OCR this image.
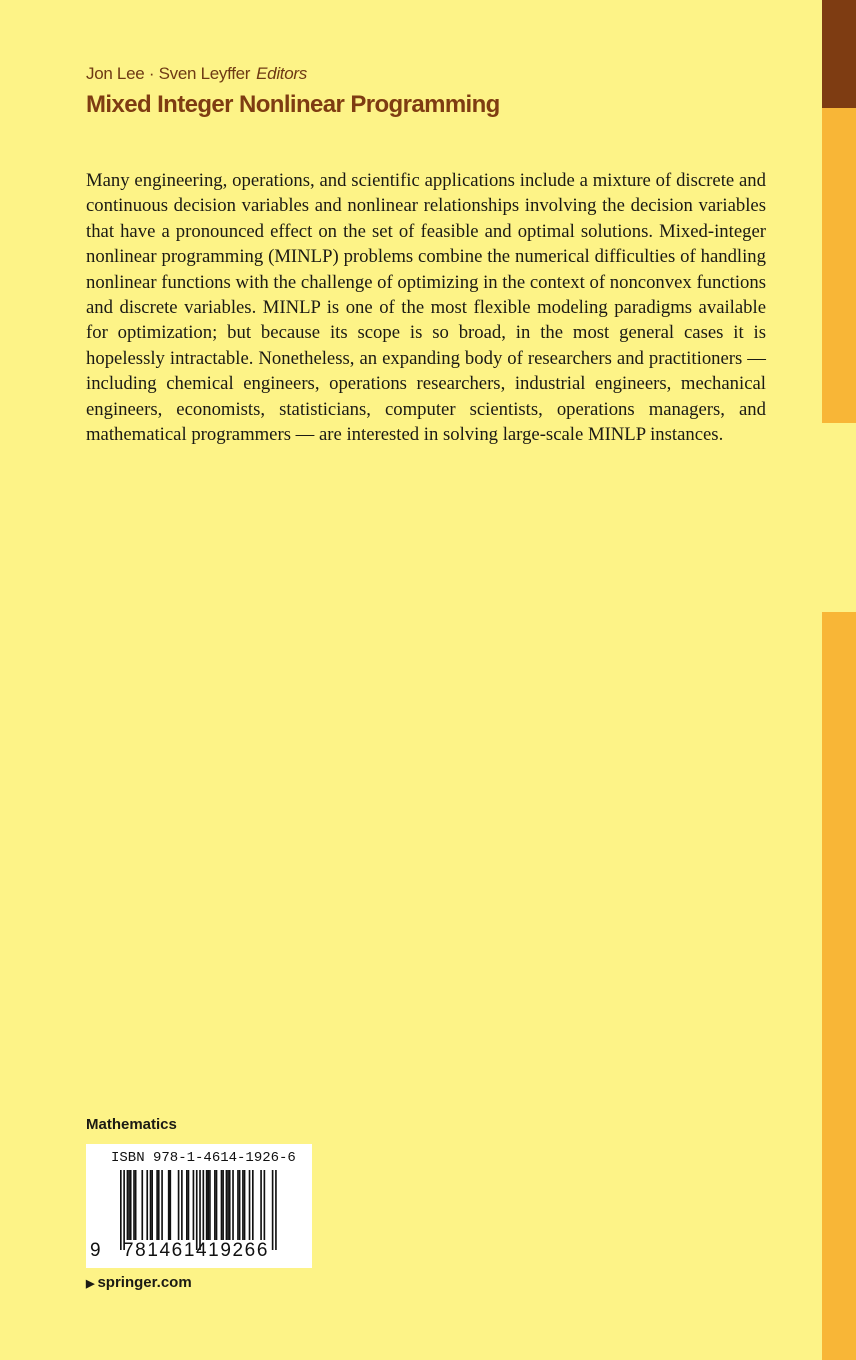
Jon Lee · Sven Leyffer Editors
Mixed Integer Nonlinear Programming

Many engineering, operations, and scientific applications include a mixture of discrete and continuous decision variables and nonlinear relationships involving the decision variables that have a pronounced effect on the set of feasible and optimal solutions. Mixed-integer nonlinear programming (MINLP) problems combine the numerical difficulties of handling nonlinear functions with the challenge of optimizing in the context of nonconvex functions and discrete variables. MINLP is one of the most flexible modeling paradigms available for optimization; but because its scope is so broad, in the most general cases it is hopelessly intractable. Nonetheless, an expanding body of researchers and practitioners — including chemical engineers, operations researchers, industrial engineers, mechanical engineers, economists, statisticians, computer scientists, operations managers, and mathematical programmers — are interested in solving large-scale MINLP instances.

Mathematics
ISBN 978-1-4614-1926-6
9 781461419266
▶ springer.com
